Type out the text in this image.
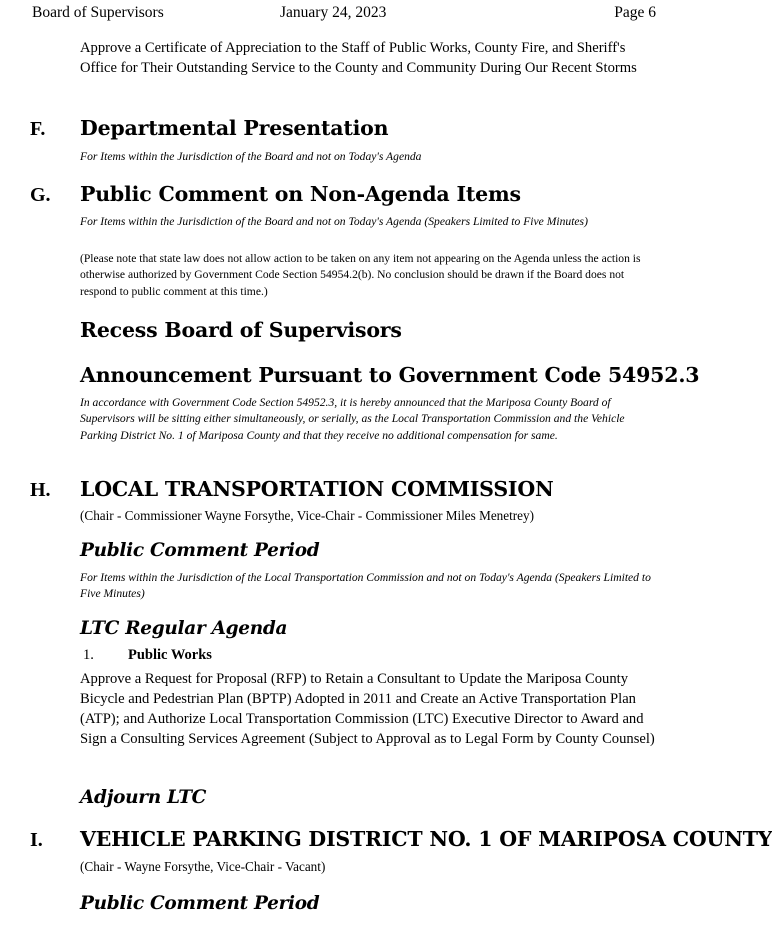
Board of Supervisors	January 24, 2023	Page 6
Approve a Certificate of Appreciation to the Staff of Public Works, County Fire, and Sheriff's Office for Their Outstanding Service to the County and Community During Our Recent Storms
F. Departmental Presentation
For Items within the Jurisdiction of the Board and not on Today's Agenda
G. Public Comment on Non-Agenda Items
For Items within the Jurisdiction of the Board and not on Today's Agenda (Speakers Limited to Five Minutes)
(Please note that state law does not allow action to be taken on any item not appearing on the Agenda unless the action is otherwise authorized by Government Code Section 54954.2(b). No conclusion should be drawn if the Board does not respond to public comment at this time.)
Recess Board of Supervisors
Announcement Pursuant to Government Code 54952.3
In accordance with Government Code Section 54952.3, it is hereby announced that the Mariposa County Board of Supervisors will be sitting either simultaneously, or serially, as the Local Transportation Commission and the Vehicle Parking District No. 1 of Mariposa County and that they receive no additional compensation for same.
H. LOCAL TRANSPORTATION COMMISSION
(Chair - Commissioner Wayne Forsythe, Vice-Chair - Commissioner Miles Menetrey)
Public Comment Period
For Items within the Jurisdiction of the Local Transportation Commission and not on Today's Agenda (Speakers Limited to Five Minutes)
LTC Regular Agenda
1. Public Works
Approve a Request for Proposal (RFP) to Retain a Consultant to Update the Mariposa County Bicycle and Pedestrian Plan (BPTP) Adopted in 2011 and Create an Active Transportation Plan (ATP); and Authorize Local Transportation Commission (LTC) Executive Director to Award and Sign a Consulting Services Agreement (Subject to Approval as to Legal Form by County Counsel)
Adjourn LTC
I. VEHICLE PARKING DISTRICT NO. 1 OF MARIPOSA COUNTY
(Chair - Wayne Forsythe, Vice-Chair - Vacant)
Public Comment Period
